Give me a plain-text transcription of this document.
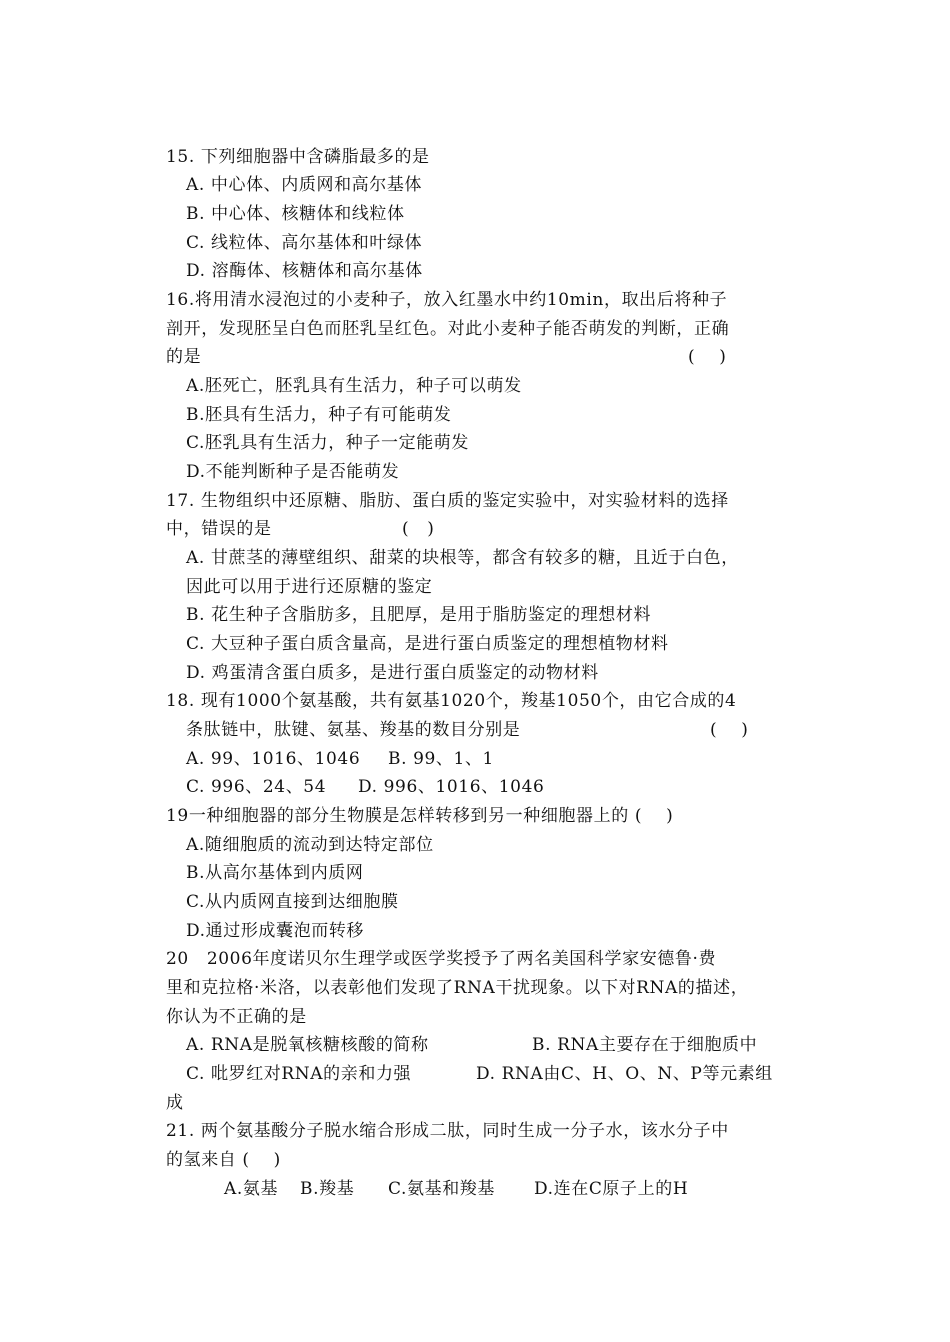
15. 下列细胞器中含磷脂最多的是
A. 中心体、内质网和高尔基体
B. 中心体、核糖体和线粒体
C. 线粒体、高尔基体和叶绿体
D. 溶酶体、核糖体和高尔基体
16.将用清水浸泡过的小麦种子，放入红墨水中约10min，取出后将种子
剖开，发现胚呈白色而胚乳呈红色。对此小麦种子能否萌发的判断，正确
的是	(    )
A.胚死亡，胚乳具有生活力，种子可以萌发
B.胚具有生活力，种子有可能萌发
C.胚乳具有生活力，种子一定能萌发
D.不能判断种子是否能萌发
17. 生物组织中还原糖、脂肪、蛋白质的鉴定实验中，对实验材料的选择
中，错误的是	(   )
A. 甘蔗茎的薄壁组织、甜菜的块根等，都含有较多的糖，且近于白色，
因此可以用于进行还原糖的鉴定
B. 花生种子含脂肪多，且肥厚，是用于脂肪鉴定的理想材料
C. 大豆种子蛋白质含量高，是进行蛋白质鉴定的理想植物材料
D. 鸡蛋清含蛋白质多，是进行蛋白质鉴定的动物材料
18. 现有1000个氨基酸，共有氨基1020个，羧基1050个，由它合成的4
条肽链中，肽键、氨基、羧基的数目分别是	(    )
A. 99、1016、1046 B. 99、1、1
C. 996、24、54 D. 996、1016、1046
19一种细胞器的部分生物膜是怎样转移到另一种细胞器上的 (    )
A.随细胞质的流动到达特定部位
B.从高尔基体到内质网
C.从内质网直接到达细胞膜
D.通过形成囊泡而转移
20   2006年度诺贝尔生理学或医学奖授予了两名美国科学家安德鲁·费
里和克拉格·米洛，以表彰他们发现了RNA干扰现象。以下对RNA的描述，
你认为不正确的是
A. RNA是脱氧核糖核酸的简称	B. RNA主要存在于细胞质中
C. 吡罗红对RNA的亲和力强	D. RNA由C、H、O、N、P等元素组
成
21. 两个氨基酸分子脱水缩合形成二肽，同时生成一分子水，该水分子中
的氢来自 (    )
A.氨基 B.羧基 C.氨基和羧基 D.连在C原子上的H
